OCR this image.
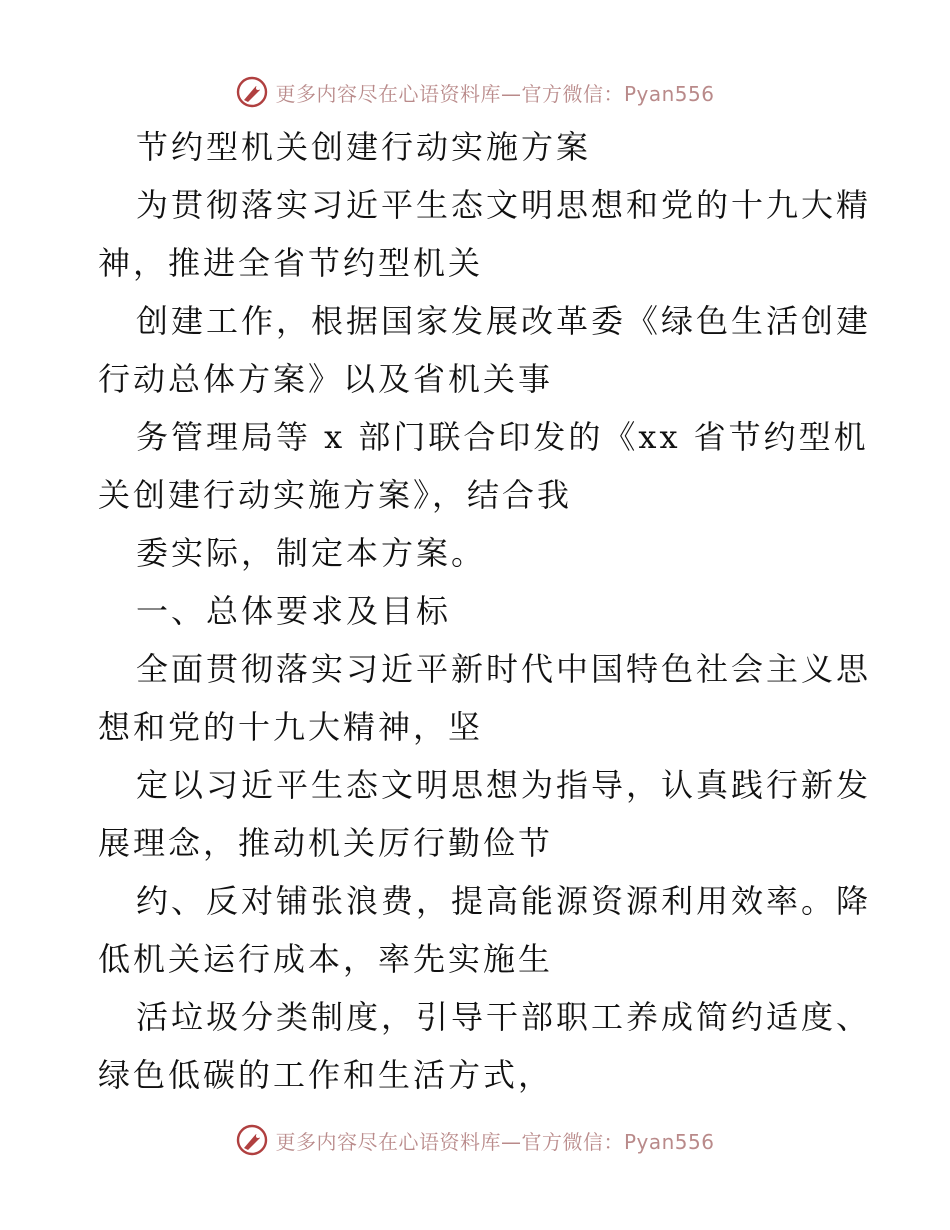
更多内容尽在心语资料库—官方微信：Pyan556
节约型机关创建行动实施方案
为贯彻落实习近平生态文明思想和党的十九大精
神，推进全省节约型机关
创建工作，根据国家发展改革委《绿色生活创建
行动总体方案》以及省机关事
务管理局等 x 部门联合印发的《xx 省节约型机
关创建行动实施方案》，结合我
委实际，制定本方案。
一、总体要求及目标
全面贯彻落实习近平新时代中国特色社会主义思
想和党的十九大精神，坚
定以习近平生态文明思想为指导，认真践行新发
展理念，推动机关厉行勤俭节
约、反对铺张浪费，提高能源资源利用效率。降
低机关运行成本，率先实施生
活垃圾分类制度，引导干部职工养成简约适度、
绿色低碳的工作和生活方式，
更多内容尽在心语资料库—官方微信：Pyan556
